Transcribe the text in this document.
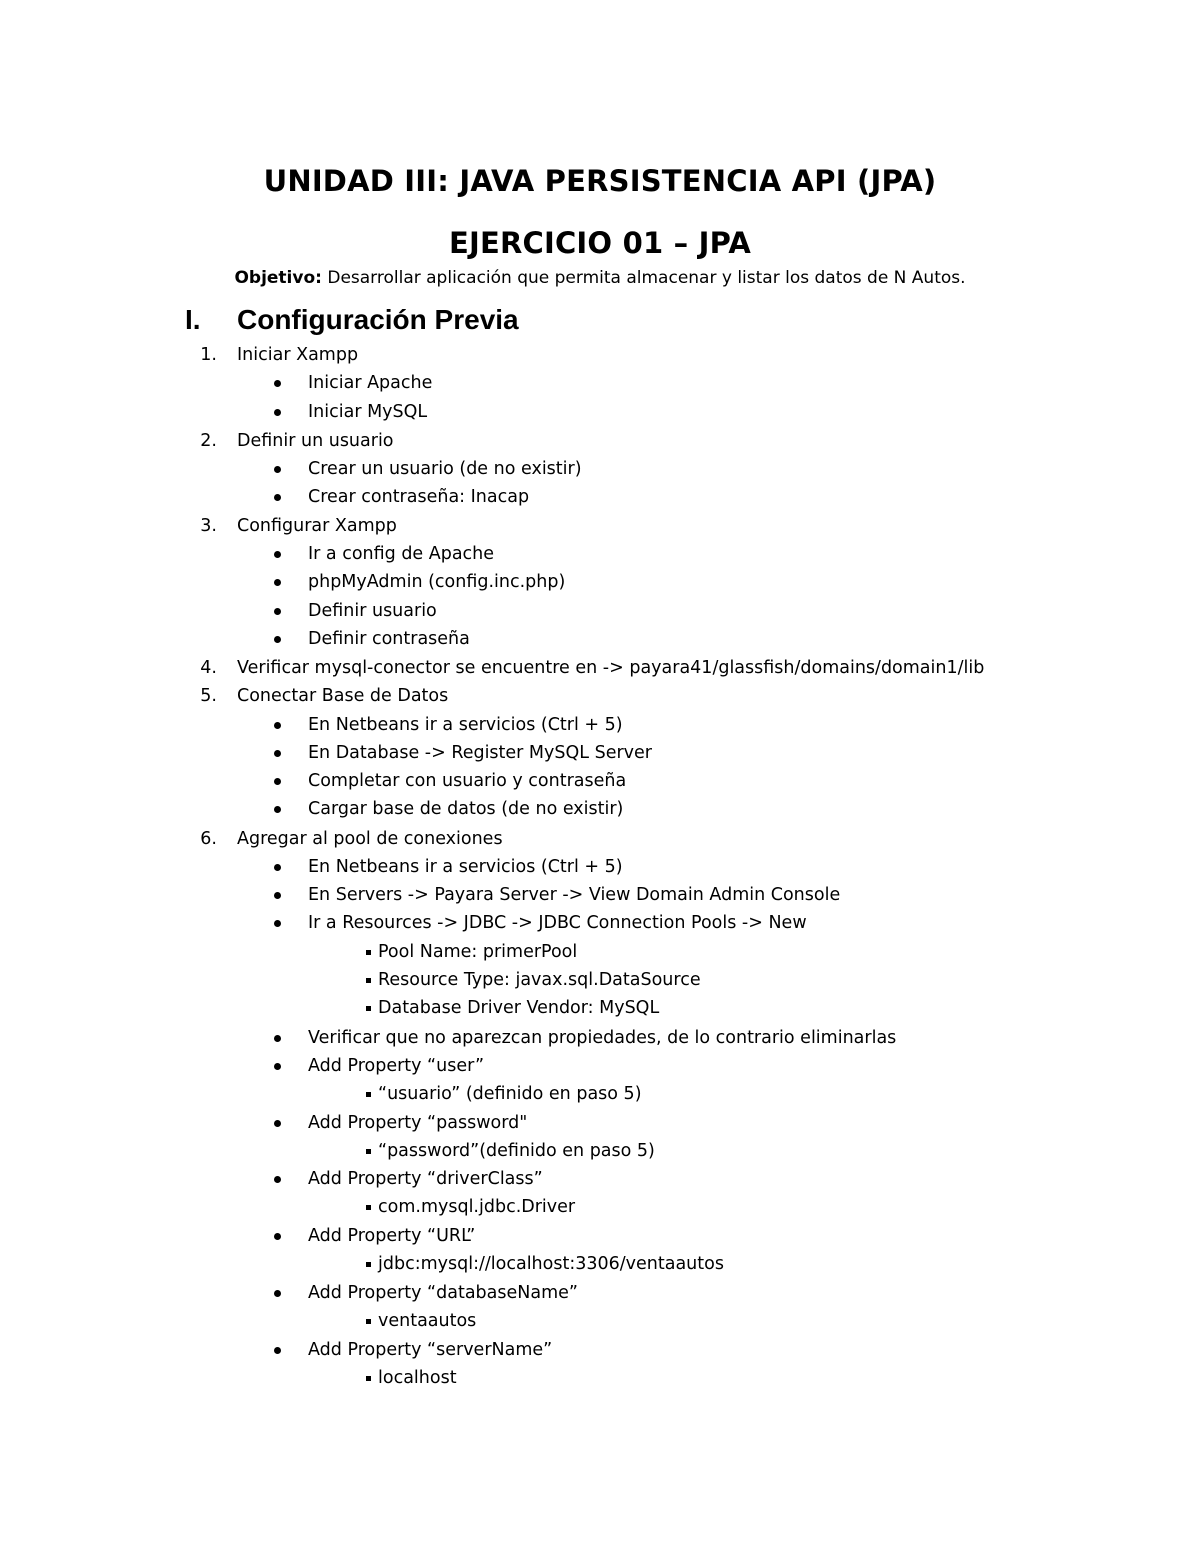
UNIDAD III: JAVA PERSISTENCIA API (JPA)
EJERCICIO 01 – JPA
Objetivo: Desarrollar aplicación que permita almacenar y listar los datos de N Autos.
I. Configuración Previa
1. Iniciar Xampp
Iniciar Apache
Iniciar MySQL
2. Definir un usuario
Crear un usuario (de no existir)
Crear contraseña: Inacap
3. Configurar Xampp
Ir a config de Apache
phpMyAdmin (config.inc.php)
Definir usuario
Definir contraseña
4. Verificar mysql-conector se encuentre en -> payara41/glassfish/domains/domain1/lib
5. Conectar Base de Datos
En Netbeans ir a servicios (Ctrl + 5)
En Database -> Register MySQL Server
Completar con usuario y contraseña
Cargar base de datos (de no existir)
6. Agregar al pool de conexiones
En Netbeans ir a servicios (Ctrl + 5)
En Servers -> Payara Server -> View Domain Admin Console
Ir a Resources -> JDBC -> JDBC Connection Pools -> New
Pool Name: primerPool
Resource Type: javax.sql.DataSource
Database Driver Vendor: MySQL
Verificar que no aparezcan propiedades, de lo contrario eliminarlas
Add Property “user”
“usuario” (definido en paso 5)
Add Property “password"
“password”(definido en paso 5)
Add Property “driverClass”
com.mysql.jdbc.Driver
Add Property “URL”
jdbc:mysql://localhost:3306/ventaautos
Add Property “databaseName”
ventaautos
Add Property “serverName”
localhost
